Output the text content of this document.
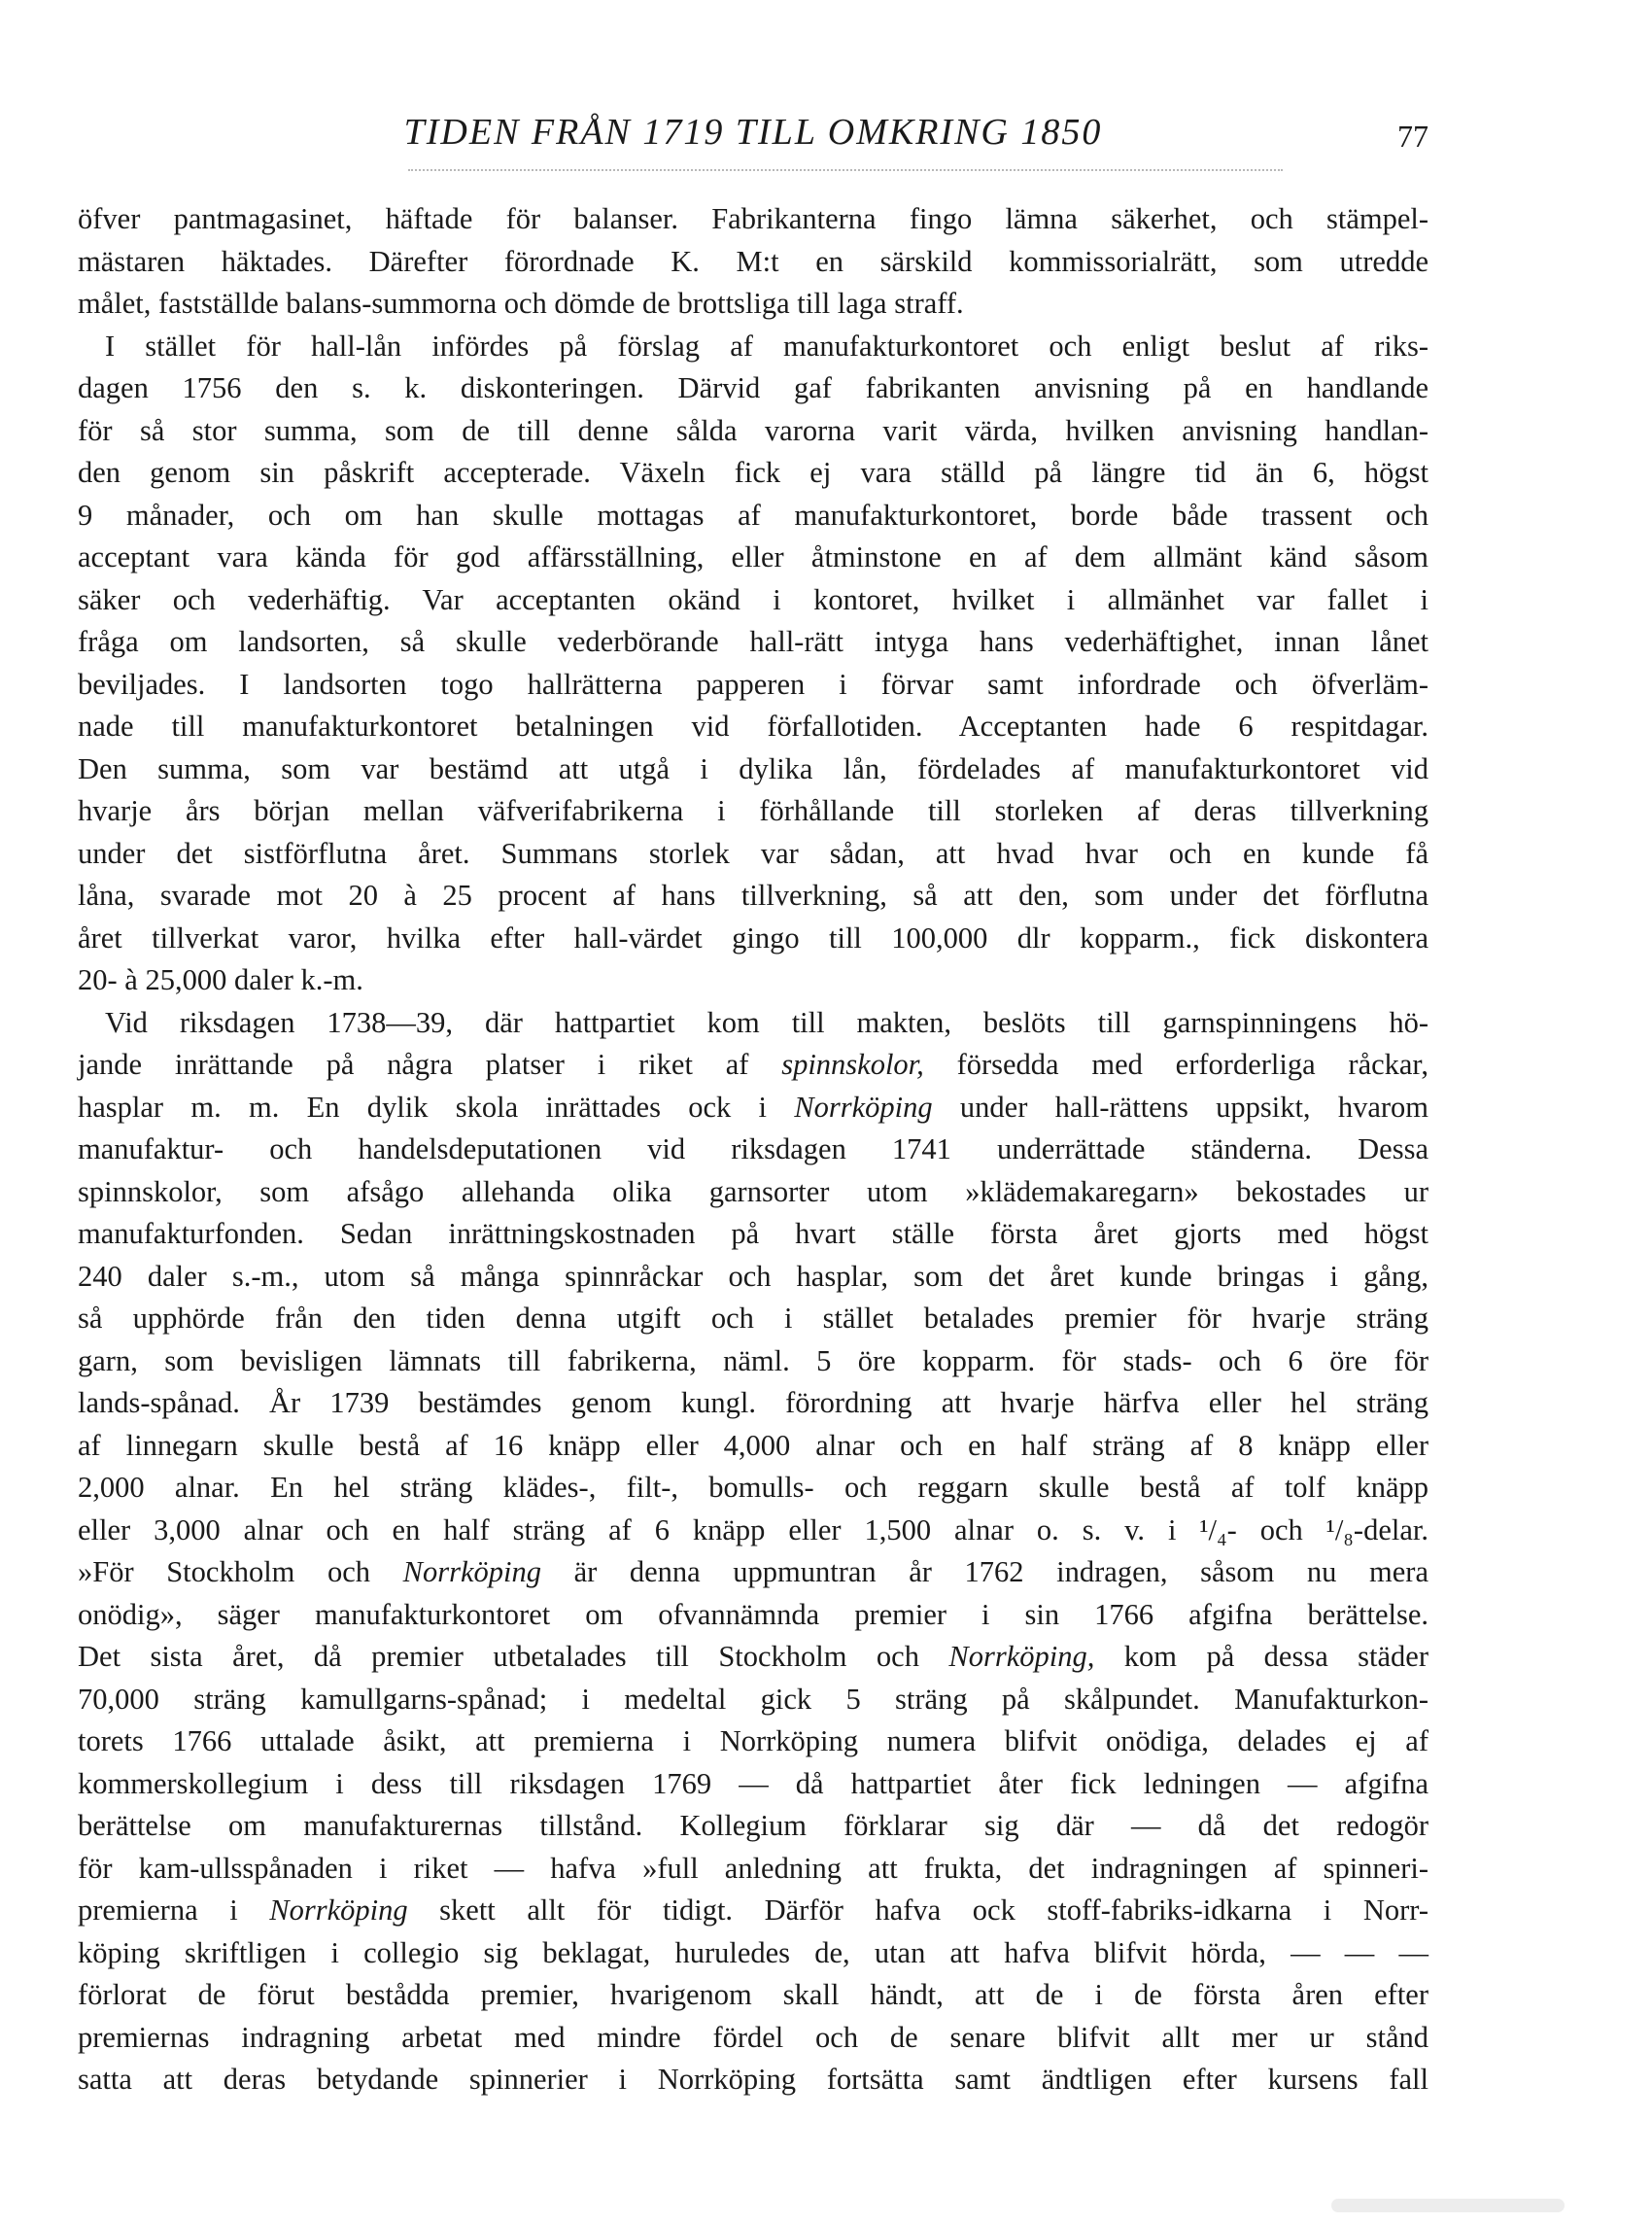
TIDEN FRÅN 1719 TILL OMKRING 1850	77
öfver pantmagasinet, häftade för balanser. Fabrikanterna fingo lämna säkerhet, och stämpel-
mästaren häktades. Därefter förordnade K. M:t en särskild kommissorialrätt, som utredde
målet, fastställde balans-summorna och dömde de brottsliga till laga straff.
I stället för hall-lån infördes på förslag af manufakturkontoret och enligt beslut af riks-
dagen 1756 den s. k. diskonteringen. Därvid gaf fabrikanten anvisning på en handlande
för så stor summa, som de till denne sålda varorna varit värda, hvilken anvisning handlan-
den genom sin påskrift accepterade. Växeln fick ej vara ställd på längre tid än 6, högst
9 månader, och om han skulle mottagas af manufakturkontoret, borde både trassent och
acceptant vara kända för god affärsställning, eller åtminstone en af dem allmänt känd såsom
säker och vederhäftig. Var acceptanten okänd i kontoret, hvilket i allmänhet var fallet i
fråga om landsorten, så skulle vederbörande hall-rätt intyga hans vederhäftighet, innan lånet
beviljades. I landsorten togo hallrätterna papperen i förvar samt infordrade och öfverläm-
nade till manufakturkontoret betalningen vid förfallotiden. Acceptanten hade 6 respitdagar.
Den summa, som var bestämd att utgå i dylika lån, fördelades af manufakturkontoret vid
hvarje års början mellan väfverifabrikerna i förhållande till storleken af deras tillverkning
under det sistförflutna året. Summans storlek var sådan, att hvad hvar och en kunde få
låna, svarade mot 20 à 25 procent af hans tillverkning, så att den, som under det förflutna
året tillverkat varor, hvilka efter hall-värdet gingo till 100,000 dlr kopparm., fick diskontera
20- à 25,000 daler k.-m.
Vid riksdagen 1738—39, där hattpartiet kom till makten, beslöts till garnspinningens hö-
jande inrättande på några platser i riket af spinnskolor, försedda med erforderliga råckar,
hasplar m. m. En dylik skola inrättades ock i Norrköping under hall-rättens uppsikt, hvarom
manufaktur- och handelsdeputationen vid riksdagen 1741 underrättade ständerna. Dessa
spinnskolor, som afsågo allehanda olika garnsorter utom »klädemakaregarn» bekostades ur
manufakturfonden. Sedan inrättningskostnaden på hvart ställe första året gjorts med högst
240 daler s.-m., utom så många spinnråckar och hasplar, som det året kunde bringas i gång,
så upphörde från den tiden denna utgift och i stället betalades premier för hvarje sträng
garn, som bevisligen lämnats till fabrikerna, näml. 5 öre kopparm. för stads- och 6 öre för
lands-spånad. År 1739 bestämdes genom kungl. förordning att hvarje härfva eller hel sträng
af linnegarn skulle bestå af 16 knäpp eller 4,000 alnar och en half sträng af 8 knäpp eller
2,000 alnar. En hel sträng klädes-, filt-, bomulls- och reggarn skulle bestå af tolf knäpp
eller 3,000 alnar och en half sträng af 6 knäpp eller 1,500 alnar o. s. v. i ¹/₄- och ¹/₈-delar.
»För Stockholm och Norrköping är denna uppmuntran år 1762 indragen, såsom nu mera
onödig», säger manufakturkontoret om ofvannämnda premier i sin 1766 afgifna berättelse.
Det sista året, då premier utbetalades till Stockholm och Norrköping, kom på dessa städer
70,000 sträng kamullgarns-spånad; i medeltal gick 5 sträng på skålpundet. Manufakturkon-
torets 1766 uttalade åsikt, att premierna i Norrköping numera blifvit onödiga, delades ej af
kommerskollegium i dess till riksdagen 1769 — då hattpartiet åter fick ledningen — afgifna
berättelse om manufakturernas tillstånd. Kollegium förklarar sig där — då det redogör
för kam-ullsspånaden i riket — hafva »full anledning att frukta, det indragningen af spinneri-
premierna i Norrköping skett allt för tidigt. Därför hafva ock stoff-fabriks-idkarna i Norr-
köping skriftligen i collegio sig beklagat, huruledes de, utan att hafva blifvit hörda, — — —
förlorat de förut bestådda premier, hvarigenom skall händt, att de i de första åren efter
premiernas indragning arbetat med mindre fördel och de senare blifvit allt mer ur stånd
satta att deras betydande spinnerier i Norrköping fortsätta samt ändtligen efter kursens fall
